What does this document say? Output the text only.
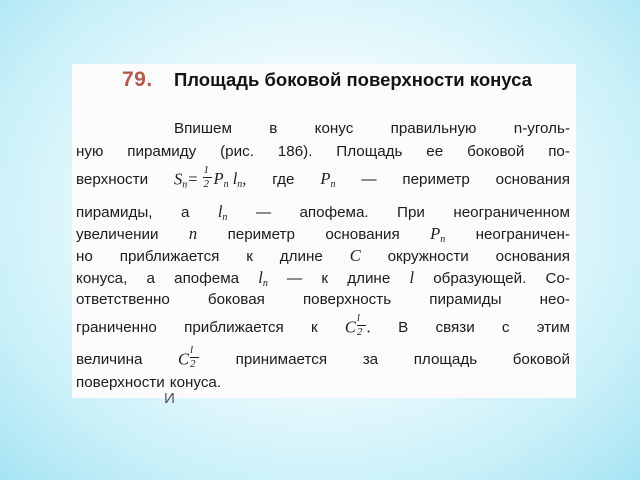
79. Площадь боковой поверхности конуса
Впишем в конус правильную n-уголь-
ную пирамиду (рис. 186). Площадь ее боковой по-
верхности $S_n= \frac{1}{2}P_n$ $l_n$, где $P_n$ — периметр основания
пирамиды, а $l_n$ — апофема. При неограниченном
увеличении n периметр основания $P_n$ неограничен-
но приближается к длине C окружности основания
конуса, а апофема $l_n$ — к длине l образующей. Со-
ответственно	боковая	поверхность	пирамиды	нео-
граниченно приближается к $C\frac{l}{2}$. В связи с этим
величина $C\frac{l}{2}$ принимается за площадь боковой
поверхности конуса.
И
